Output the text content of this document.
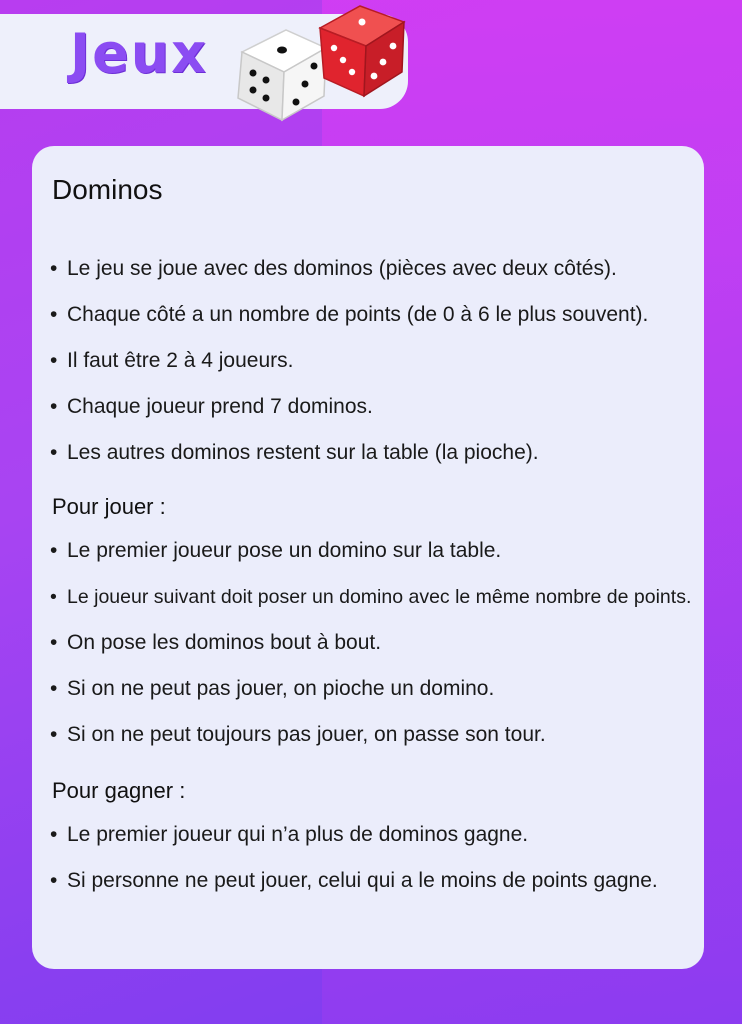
Jeux
Dominos
• Le jeu se joue avec des dominos (pièces avec deux côtés).
• Chaque côté a un nombre de points (de 0 à 6 le plus souvent).
• Il faut être 2 à 4 joueurs.
• Chaque joueur prend 7 dominos.
• Les autres dominos restent sur la table (la pioche).
Pour jouer :
• Le premier joueur pose un domino sur la table.
• Le joueur suivant doit poser un domino avec le même nombre de points.
• On pose les dominos bout à bout.
• Si on ne peut pas jouer, on pioche un domino.
• Si on ne peut toujours pas jouer, on passe son tour.
Pour gagner :
• Le premier joueur qui n’a plus de dominos gagne.
• Si personne ne peut jouer, celui qui a le moins de points gagne.
